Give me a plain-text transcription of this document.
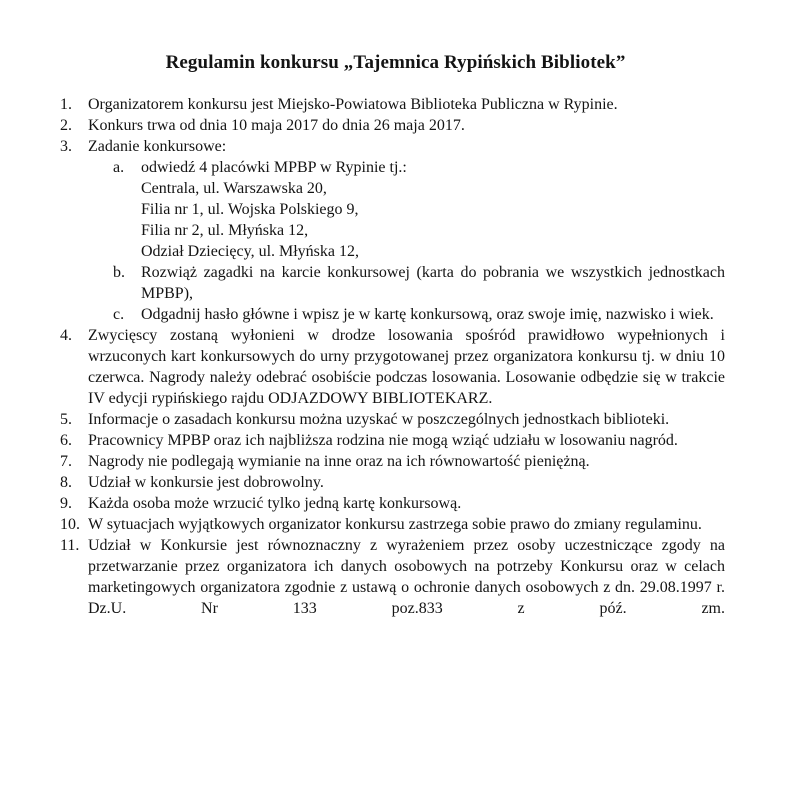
Regulamin konkursu „Tajemnica Rypińskich Bibliotek”
1.	Organizatorem konkursu jest Miejsko-Powiatowa Biblioteka Publiczna w Rypinie.
2.	Konkurs trwa od dnia 10 maja 2017 do dnia 26 maja 2017.
3.	Zadanie konkursowe:
a.	odwiedź 4 placówki MPBP w Rypinie tj.:
Centrala, ul. Warszawska 20,
Filia nr 1, ul. Wojska Polskiego 9,
Filia nr 2, ul. Młyńska 12,
Odział Dziecięcy, ul. Młyńska 12,
b.	Rozwiąż zagadki na karcie konkursowej (karta do pobrania we wszystkich jednostkach MPBP),
c.	Odgadnij hasło główne i wpisz je w kartę konkursową, oraz swoje imię, nazwisko i wiek.
4.	Zwycięscy zostaną wyłonieni w drodze losowania spośród prawidłowo wypełnionych i wrzuconych kart konkursowych do urny przygotowanej przez organizatora konkursu tj. w dniu 10 czerwca. Nagrody należy odebrać osobiście podczas losowania. Losowanie odbędzie się w trakcie IV edycji rypińskiego rajdu ODJAZDOWY BIBLIOTEKARZ.
5.	Informacje o zasadach konkursu można uzyskać w poszczególnych jednostkach biblioteki.
6.	Pracownicy MPBP oraz ich najbliższa rodzina nie mogą wziąć udziału w losowaniu nagród.
7.	Nagrody nie podlegają wymianie na inne oraz na ich równowartość pieniężną.
8.	Udział w konkursie jest dobrowolny.
9.	Każda osoba może wrzucić tylko jedną kartę konkursową.
10. W sytuacjach wyjątkowych organizator konkursu zastrzega sobie prawo do zmiany regulaminu.
11. Udział w Konkursie jest równoznaczny z wyrażeniem przez osoby uczestniczące zgody na przetwarzanie przez organizatora ich danych osobowych na potrzeby Konkursu oraz w celach marketingowych organizatora zgodnie z ustawą o ochronie danych osobowych z dn. 29.08.1997 r. Dz.U. Nr 133 poz.833 z póź. zm.
